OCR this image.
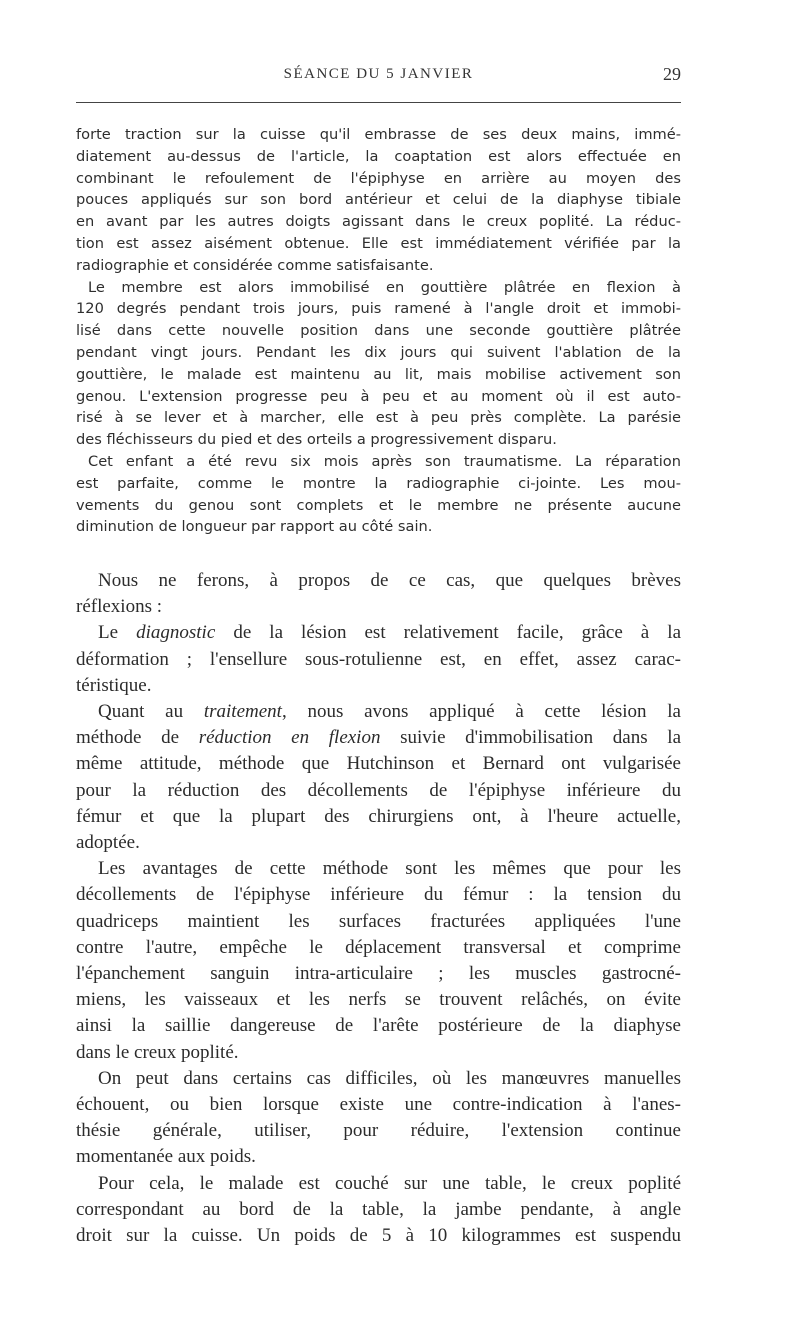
SÉANCE DU 5 JANVIER	29

forte traction sur la cuisse qu'il embrasse de ses deux mains, immé-

diatement au-dessus de l'article, la coaptation est alors effectuée en

combinant le refoulement de l'épiphyse en arrière au moyen des

pouces appliqués sur son bord antérieur et celui de la diaphyse tibiale

en avant par les autres doigts agissant dans le creux poplité. La réduc-

tion est assez aisément obtenue. Elle est immédiatement vérifiée par la

radiographie et considérée comme satisfaisante.

Le membre est alors immobilisé en gouttière plâtrée en flexion à

120 degrés pendant trois jours, puis ramené à l'angle droit et immobi-

lisé dans cette nouvelle position dans une seconde gouttière plâtrée

pendant vingt jours. Pendant les dix jours qui suivent l'ablation de la

gouttière, le malade est maintenu au lit, mais mobilise activement son

genou. L'extension progresse peu à peu et au moment où il est auto-

risé à se lever et à marcher, elle est à peu près complète. La parésie

des fléchisseurs du pied et des orteils a progressivement disparu.

Cet enfant a été revu six mois après son traumatisme. La réparation

est parfaite, comme le montre la radiographie ci-jointe. Les mou-

vements du genou sont complets et le membre ne présente aucune

diminution de longueur par rapport au côté sain.

Nous ne ferons, à propos de ce cas, que quelques brèves

réflexions :

Le diagnostic de la lésion est relativement facile, grâce à la

déformation ; l'ensellure sous-rotulienne est, en effet, assez carac-

téristique.

Quant au traitement, nous avons appliqué à cette lésion la

méthode de réduction en flexion suivie d'immobilisation dans la

même attitude, méthode que Hutchinson et Bernard ont vulgarisée

pour la réduction des décollements de l'épiphyse inférieure du

fémur et que la plupart des chirurgiens ont, à l'heure actuelle,

adoptée.

Les avantages de cette méthode sont les mêmes que pour les

décollements de l'épiphyse inférieure du fémur : la tension du

quadriceps maintient les surfaces fracturées appliquées l'une

contre l'autre, empêche le déplacement transversal et comprime

l'épanchement sanguin intra-articulaire ; les muscles gastrocné-

miens, les vaisseaux et les nerfs se trouvent relâchés, on évite

ainsi la saillie dangereuse de l'arête postérieure de la diaphyse

dans le creux poplité.

On peut dans certains cas difficiles, où les manœuvres manuelles

échouent, ou bien lorsque existe une contre-indication à l'anes-

thésie générale, utiliser, pour réduire, l'extension continue

momentanée aux poids.

Pour cela, le malade est couché sur une table, le creux poplité

correspondant au bord de la table, la jambe pendante, à angle

droit sur la cuisse. Un poids de 5 à 10 kilogrammes est suspendu
